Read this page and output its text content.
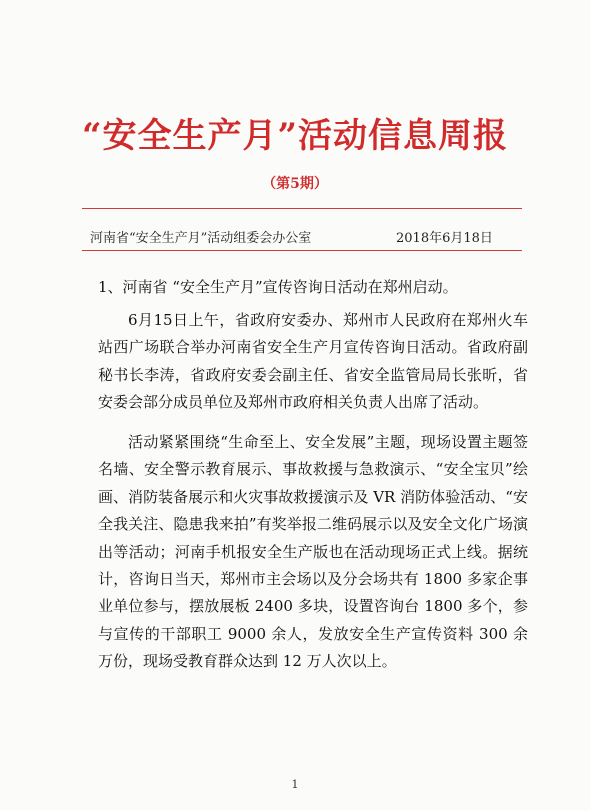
“安全生产月”活动信息周报
（第5期）
河南省“安全生产月”活动组委会办公室	2018年6月18日
1、河南省 “安全生产月”宣传咨询日活动在郑州启动。

6月15日上午，省政府安委办、郑州市人民政府在郑州火车站西广场联合举办河南省安全生产月宣传咨询日活动。省政府副秘书长李涛，省政府安委会副主任、省安全监管局局长张昕，省安委会部分成员单位及郑州市政府相关负责人出席了活动。

活动紧紧围绕“生命至上、安全发展”主题，现场设置主题签名墙、安全警示教育展示、事故救援与急救演示、“安全宝贝”绘画、消防装备展示和火灾事故救援演示及 VR 消防体验活动、“安全我关注、隐患我来拍”有奖举报二维码展示以及安全文化广场演出等活动；河南手机报安全生产版也在活动现场正式上线。据统计，咨询日当天，郑州市主会场以及分会场共有 1800 多家企事业单位参与，摆放展板 2400 多块，设置咨询台 1800 多个，参与宣传的干部职工 9000 余人，发放安全生产宣传资料 300 余万份，现场受教育群众达到 12 万人次以上。

1
